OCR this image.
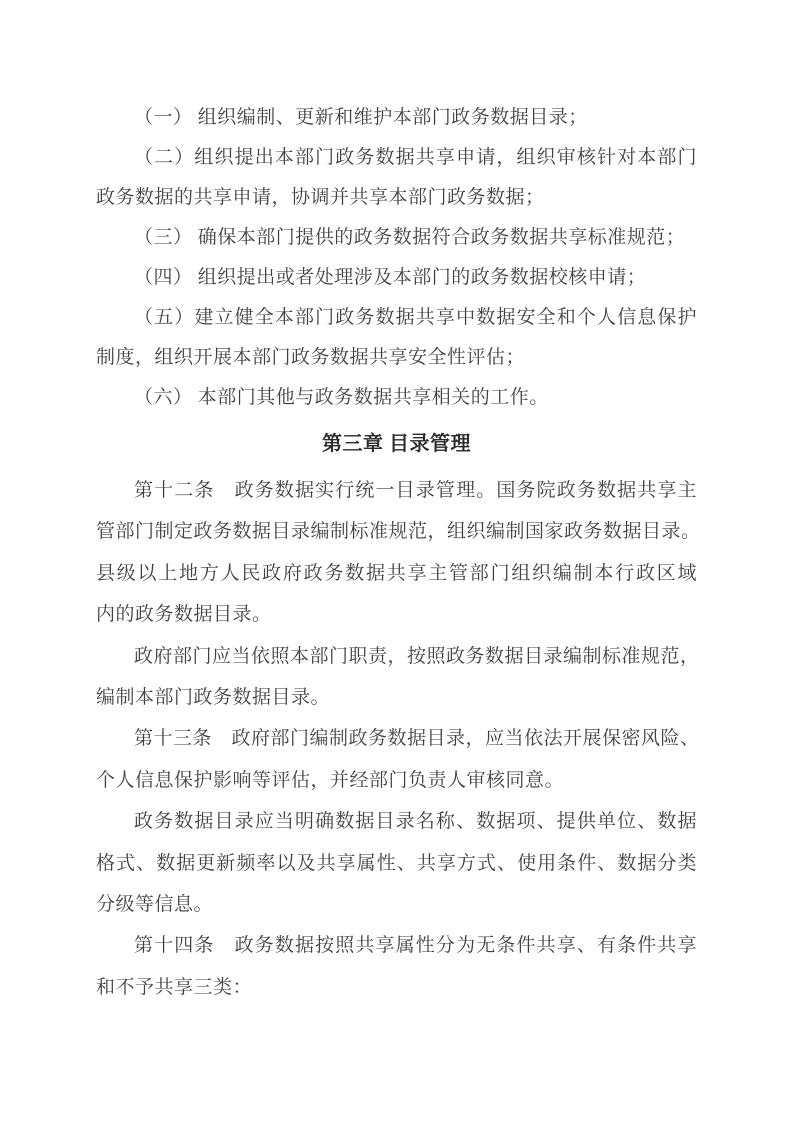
（一） 组织编制、更新和维护本部门政务数据目录；

（二）组织提出本部门政务数据共享申请，组织审核针对本部门

政务数据的共享申请，协调并共享本部门政务数据；

（三） 确保本部门提供的政务数据符合政务数据共享标准规范；

（四） 组织提出或者处理涉及本部门的政务数据校核申请；

（五）建立健全本部门政务数据共享中数据安全和个人信息保护

制度，组织开展本部门政务数据共享安全性评估；

（六） 本部门其他与政务数据共享相关的工作。

第三章 目录管理

第十二条　政务数据实行统一目录管理。国务院政务数据共享主

管部门制定政务数据目录编制标准规范，组织编制国家政务数据目录。

县级以上地方人民政府政务数据共享主管部门组织编制本行政区域

内的政务数据目录。

政府部门应当依照本部门职责，按照政务数据目录编制标准规范，

编制本部门政务数据目录。

第十三条　政府部门编制政务数据目录，应当依法开展保密风险、

个人信息保护影响等评估，并经部门负责人审核同意。

政务数据目录应当明确数据目录名称、数据项、提供单位、数据

格式、数据更新频率以及共享属性、共享方式、使用条件、数据分类

分级等信息。

第十四条　政务数据按照共享属性分为无条件共享、有条件共享

和不予共享三类：
